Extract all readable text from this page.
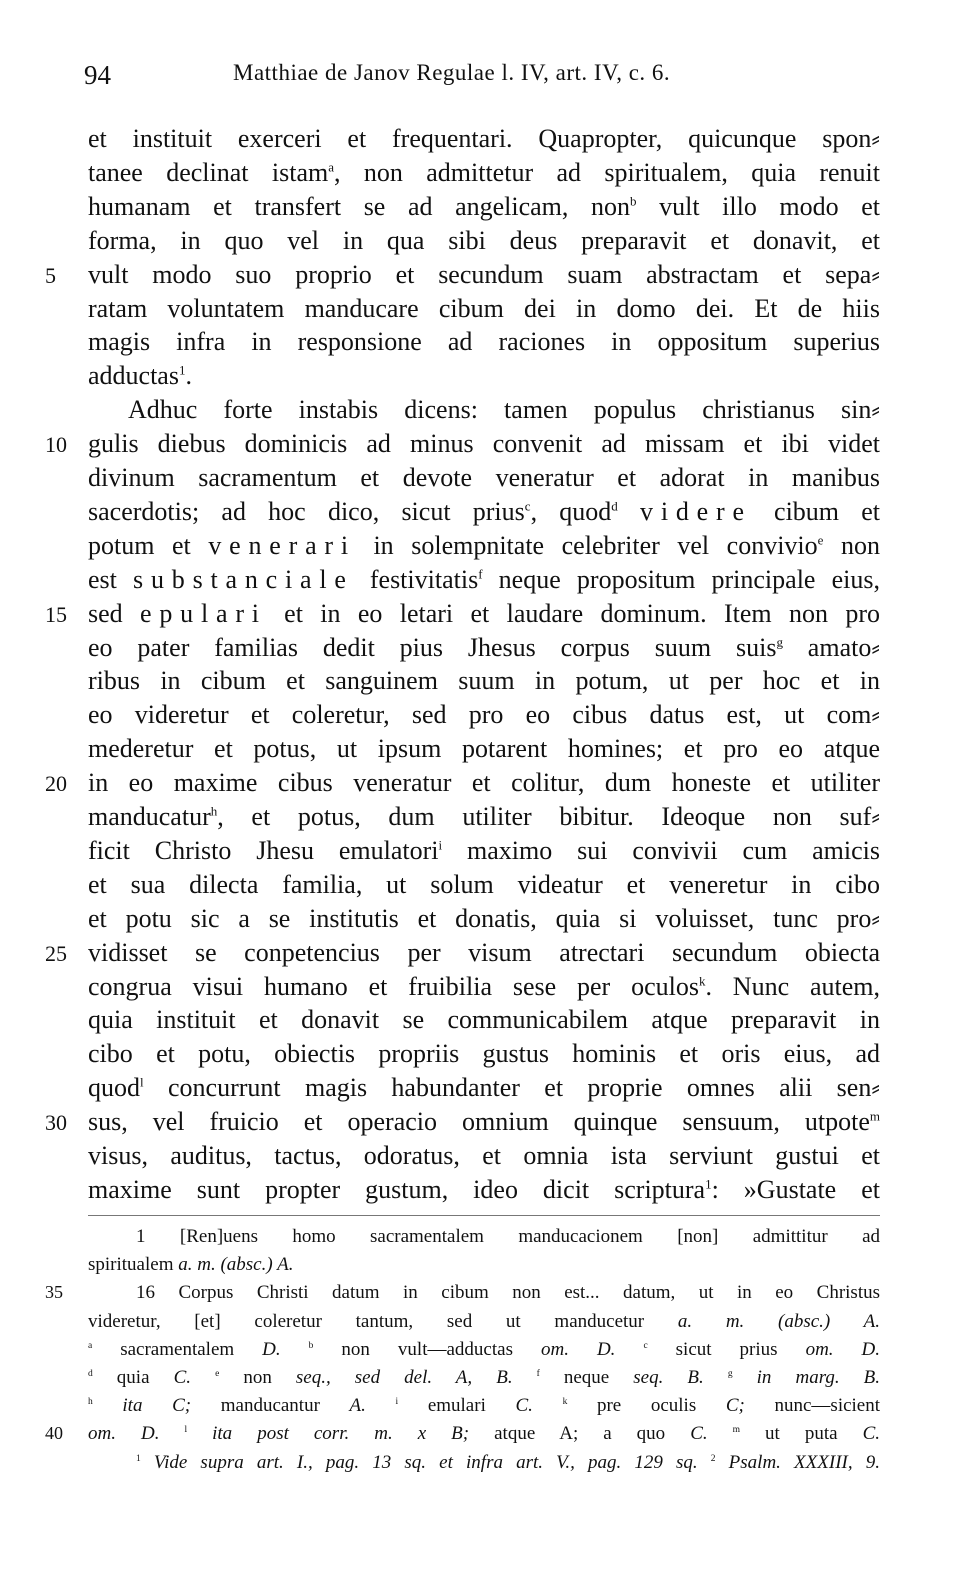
94	Matthiae de Janov Regulae l. IV, art. IV, c. 6.
et instituit exerceri et frequentari. Quapropter, quicunque spon⸗
tanee declinat istam$^a$, non admittetur ad spiritualem, quia renuit
humanam et transfert se ad angelicam, non$^b$ vult illo modo et
forma, in quo vel in qua sibi deus preparavit et donavit, et
vult modo suo proprio et secundum suam abstractam et sepa⸗
5
ratam voluntatem manducare cibum dei in domo dei. Et de hiis
magis infra in responsione ad raciones in oppositum superius
adductas$^1$.
Adhuc forte instabis dicens: tamen populus christianus sin⸗
gulis diebus dominicis ad minus convenit ad missam et ibi videt
10
divinum sacramentum et devote veneratur et adorat in manibus
sacerdotis; ad hoc dico, sicut prius$^c$, quod$^d$ videre cibum et
potum et venerari in solempnitate celebriter vel convivio$^e$ non
est substanciale festivitatis$^f$ neque propositum principale eius,
sed epulari et in eo letari et laudare dominum. Item non pro
15
eo pater familias dedit pius Jhesus corpus suum suis$^g$ amato⸗
ribus in cibum et sanguinem suum in potum, ut per hoc et in
eo videretur et coleretur, sed pro eo cibus datus est, ut com⸗
mederetur et potus, ut ipsum potarent homines; et pro eo atque
in eo maxime cibus veneratur et colitur, dum honeste et utiliter
20
manducatur$^h$, et potus, dum utiliter bibitur. Ideoque non suf⸗
ficit Christo Jhesu emulatori$^i$ maximo sui convivii cum amicis
et sua dilecta familia, ut solum videatur et veneretur in cibo
et potu sic a se institutis et donatis, quia si voluisset, tunc pro⸗
vidisset se conpetencius per visum atrectari secundum obiecta
25
congrua visui humano et fruibilia sese per oculos$^k$. Nunc autem,
quia instituit et donavit se communicabilem atque preparavit in
cibo et potu, obiectis propriis gustus hominis et oris eius, ad
quod$^l$ concurrunt magis habundanter et proprie omnes alii sen⸗
sus, vel fruicio et operacio omnium quinque sensuum, utpote$^m$
30
visus, auditus, tactus, odoratus, et omnia ista serviunt gustui et
maxime sunt propter gustum, ideo dicit scriptura$^1$: »Gustate et
1 [Ren]uens homo sacramentalem manducacionem [non] admittitur ad
spiritualem a. m. (absc.) A.
16 Corpus Christi datum in cibum non est... datum, ut in eo Christus
35
videretur, [et] coleretur tantum, sed ut manducetur a. m. (absc.) A.
$^a$ sacramentalem D.	$^b$ non vult—adductas om. D.	$^c$ sicut prius om. D.
$^d$ quia C.	$^e$ non seq., sed del. A, B.	$^f$ neque seq. B.	$^g$ in marg. B.
$^h$ ita C; manducantur A.	$^i$ emulari C.	$^k$ pre oculis C; nunc—sicient
om. D.	$^l$ ita post corr. m. x B; atque A; a quo C.	$^m$ ut puta C.
40
$^1$ Vide supra art. I., pag. 13 sq. et infra art. V., pag. 129 sq. $^2$ Psalm. XXXIII, 9.
